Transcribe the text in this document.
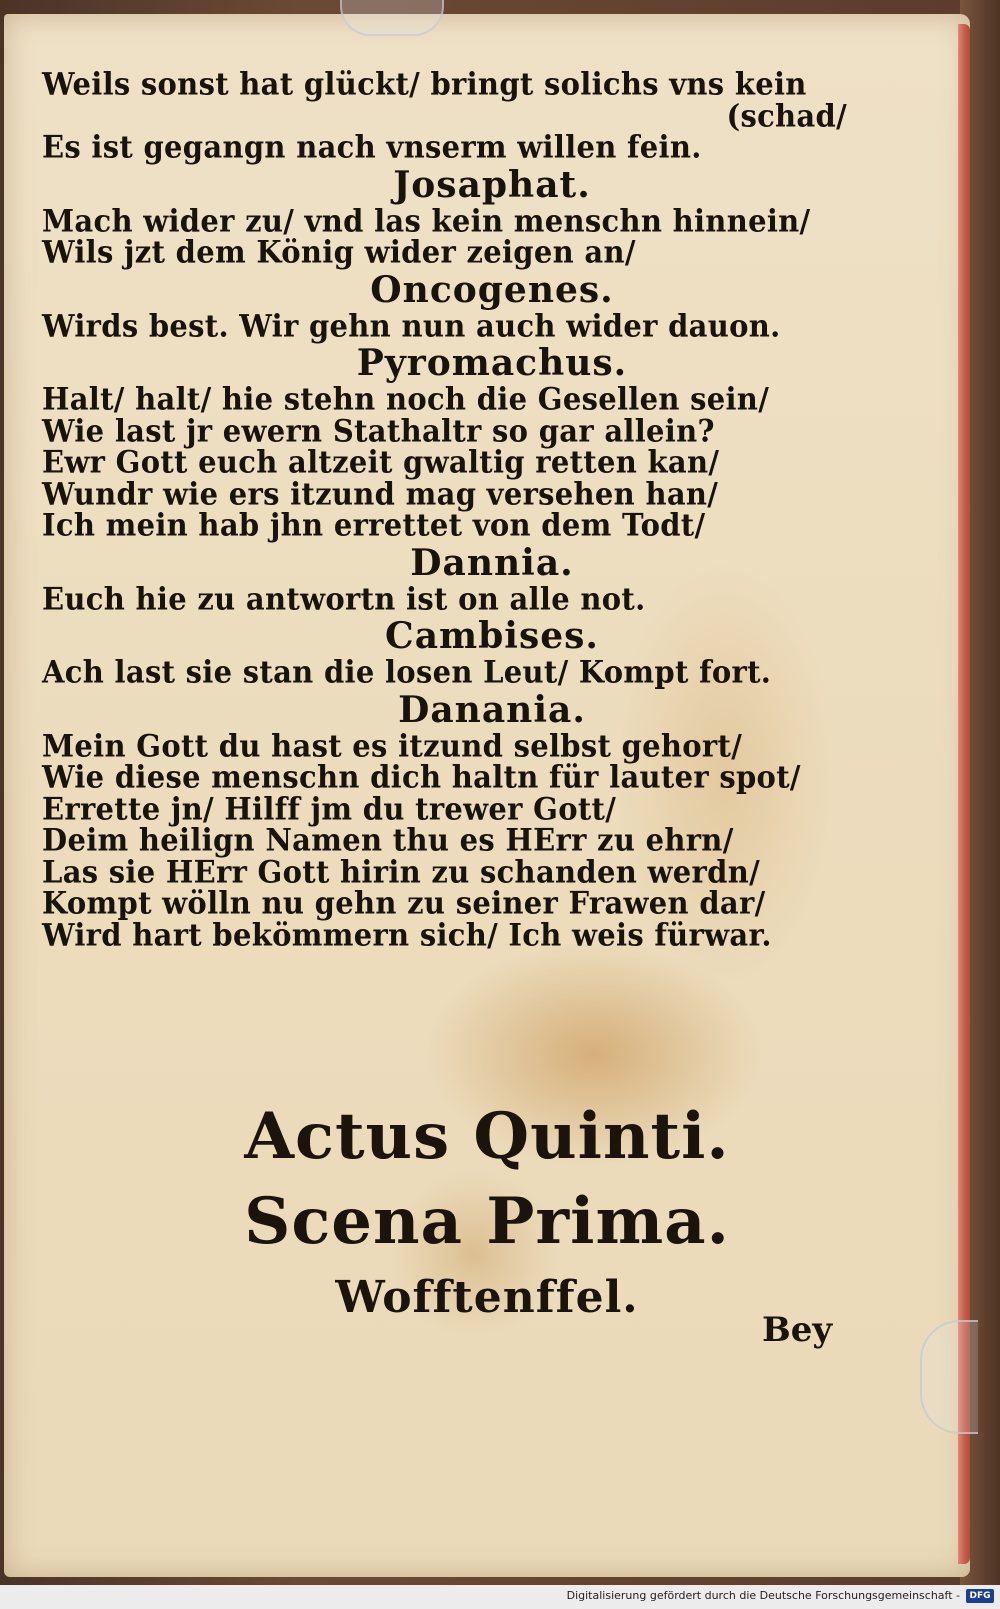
Weils sonst hat glückt/ bringt solichs vns kein
(schad/
Es ist gegangn nach vnserm willen fein.
Josaphat.
Mach wider zu/ vnd las kein menschn hinnein/
Wils jzt dem König wider zeigen an/
Oncogenes.
Wirds best. Wir gehn nun auch wider dauon.
Pyromachus.
Halt/ halt/ hie stehn noch die Gesellen sein/
Wie last jr ewern Stathaltr so gar allein?
Ewr Gott euch altzeit gwaltig retten kan/
Wundr wie ers itzund mag versehen han/
Ich mein hab jhn errettet von dem Todt/
Dannia.
Euch hie zu antwortn ist on alle not.
Cambises.
Ach last sie stan die losen Leut/ Kompt fort.
Danania.
Mein Gott du hast es itzund selbst gehort/
Wie diese menschn dich haltn für lauter spot/
Errette jn/ Hilff jm du trewer Gott/
Deim heilign Namen thu es HErr zu ehrn/
Las sie HErr Gott hirin zu schanden werdn/
Kompt wölln nu gehn zu seiner Frawen dar/
Wird hart bekömmern sich/ Ich weis fürwar.
Actus Quinti.
Scena Prima.
Wofftenffel.
Bey
Digitalisierung gefördert durch die Deutsche Forschungsgemeinschaft -	DFG
